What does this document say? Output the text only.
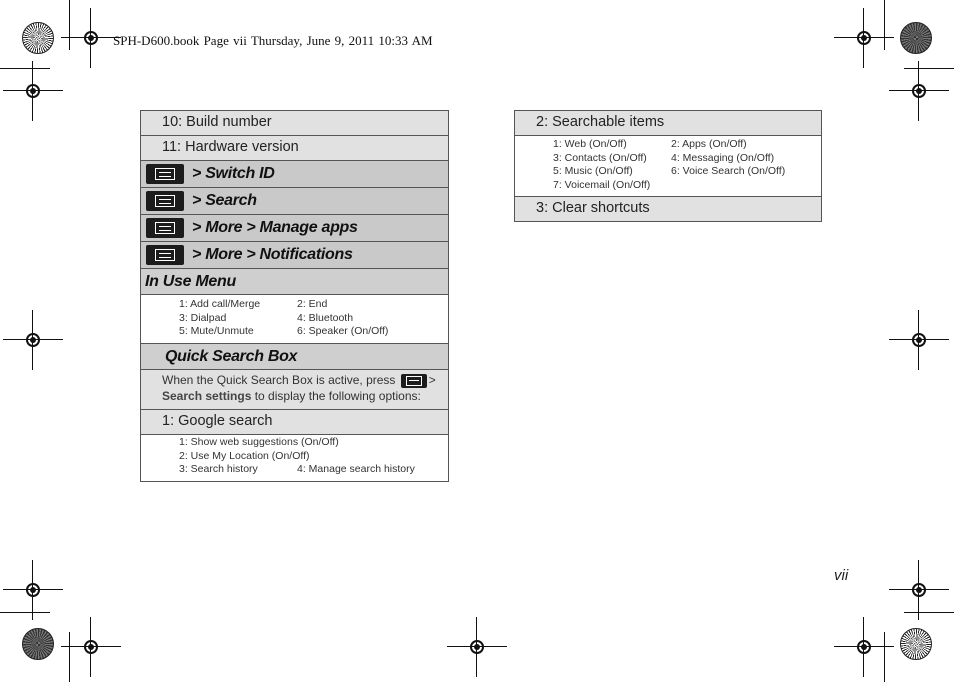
SPH-D600.book Page vii Thursday, June 9, 2011 10:33 AM
10: Build number
11: Hardware version
> Switch ID
> Search
> More > Manage apps
> More > Notifications
In Use Menu
1: Add call/Merge	2: End
3: Dialpad	4: Bluetooth
5: Mute/Unmute	6: Speaker (On/Off)
Quick Search Box
When the Quick Search Box is active, press	>
Search settings to display the following options:
1: Google search
1: Show web suggestions (On/Off)
2: Use My Location (On/Off)
3: Search history	4: Manage search history
2: Searchable items
1: Web (On/Off)	2: Apps (On/Off)
3: Contacts (On/Off)	4: Messaging (On/Off)
5: Music (On/Off)	6: Voice Search (On/Off)
7: Voicemail (On/Off)
3: Clear shortcuts
vii
